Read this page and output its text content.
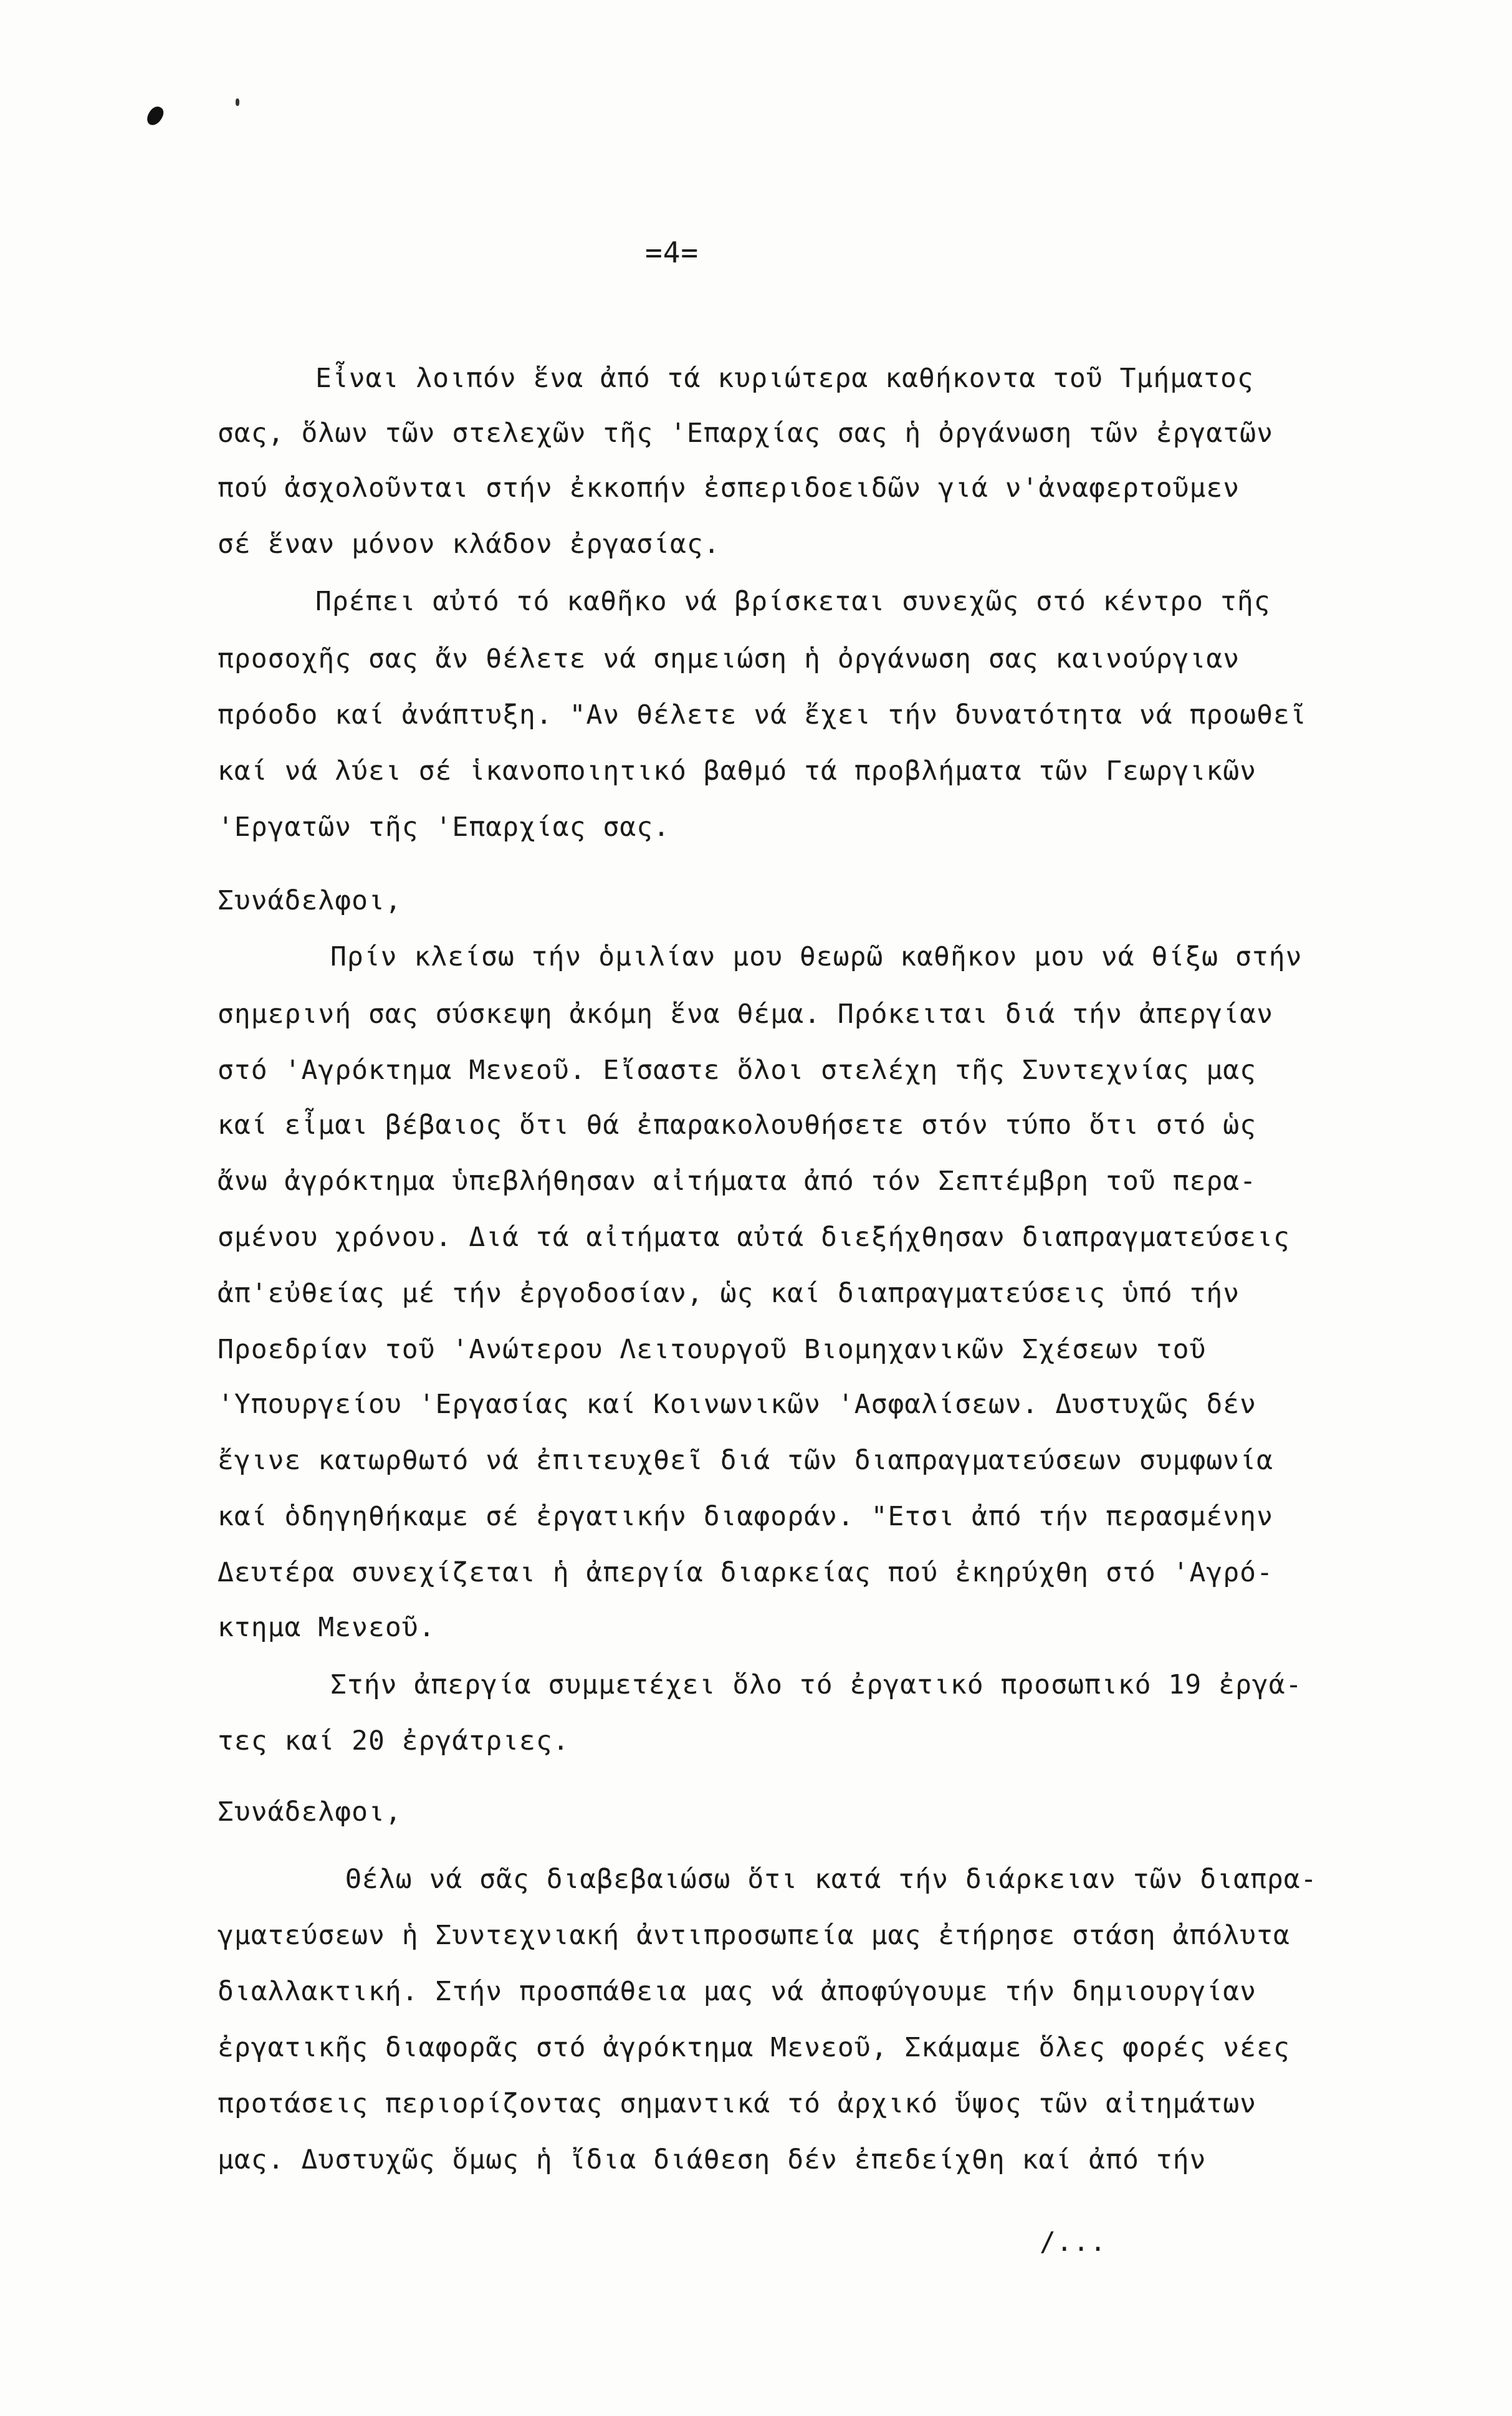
=4=
Εἶναι λοιπόν ἕνα ἀπό τά κυριώτερα καθήκοντα τοῦ Τμήματος
σας, ὅλων τῶν στελεχῶν τῆς 'Επαρχίας σας ἡ ὀργάνωση τῶν ἐργατῶν
πού ἀσχολοῦνται στήν ἐκκοπήν ἐσπεριδοειδῶν γιά ν'ἀναφερτοῦμεν
σέ ἕναν μόνον κλάδον ἐργασίας.
Πρέπει αὐτό τό καθῆκο νά βρίσκεται συνεχῶς στό κέντρο τῆς
προσοχῆς σας ἄν θέλετε νά σημειώση ἡ ὀργάνωση σας καινούργιαν
πρόοδο καί ἀνάπτυξη. "Αν θέλετε νά ἔχει τήν δυνατότητα νά προωθεῖ
καί νά λύει σέ ἱκανοποιητικό βαθμό τά προβλήματα τῶν Γεωργικῶν
'Εργατῶν τῆς 'Επαρχίας σας.
Συνάδελφοι,
Πρίν κλείσω τήν ὁμιλίαν μου θεωρῶ καθῆκον μου νά θίξω στήν
σημερινή σας σύσκεψη ἀκόμη ἕνα θέμα. Πρόκειται διά τήν ἀπεργίαν
στό 'Αγρόκτημα Μενεοῦ. Εἴσαστε ὅλοι στελέχη τῆς Συντεχνίας μας
καί εἶμαι βέβαιος ὅτι θά ἐπαρακολουθήσετε στόν τύπο ὅτι στό ὡς
ἄνω ἀγρόκτημα ὑπεβλήθησαν αἰτήματα ἀπό τόν Σεπτέμβρη τοῦ περα-
σμένου χρόνου. Διά τά αἰτήματα αὐτά διεξήχθησαν διαπραγματεύσεις
ἀπ'εὐθείας μέ τήν ἐργοδοσίαν, ὡς καί διαπραγματεύσεις ὑπό τήν
Προεδρίαν τοῦ 'Ανώτερου Λειτουργοῦ Βιομηχανικῶν Σχέσεων τοῦ
'Υπουργείου 'Εργασίας καί Κοινωνικῶν 'Ασφαλίσεων. Δυστυχῶς δέν
ἔγινε κατωρθωτό νά ἐπιτευχθεῖ διά τῶν διαπραγματεύσεων συμφωνία
καί ὁδηγηθήκαμε σέ ἐργατικήν διαφοράν. "Ετσι ἀπό τήν περασμένην
Δευτέρα συνεχίζεται ἡ ἀπεργία διαρκείας πού ἐκηρύχθη στό 'Αγρό-
κτημα Μενεοῦ.
Στήν ἀπεργία συμμετέχει ὅλο τό ἐργατικό προσωπικό 19 ἐργά-
τες καί 20 ἐργάτριες.
Συνάδελφοι,
Θέλω νά σᾶς διαβεβαιώσω ὅτι κατά τήν διάρκειαν τῶν διαπρα-
γματεύσεων ἡ Συντεχνιακή ἀντιπροσωπεία μας ἐτήρησε στάση ἀπόλυτα
διαλλακτική. Στήν προσπάθεια μας νά ἀποφύγουμε τήν δημιουργίαν
ἐργατικῆς διαφορᾶς στό ἀγρόκτημα Μενεοῦ, Σκάμαμε ὅλες φορές νέες
προτάσεις περιορίζοντας σημαντικά τό ἀρχικό ὕψος τῶν αἰτημάτων
μας. Δυστυχῶς ὅμως ἡ ἴδια διάθεση δέν ἐπεδείχθη καί ἀπό τήν
/...
